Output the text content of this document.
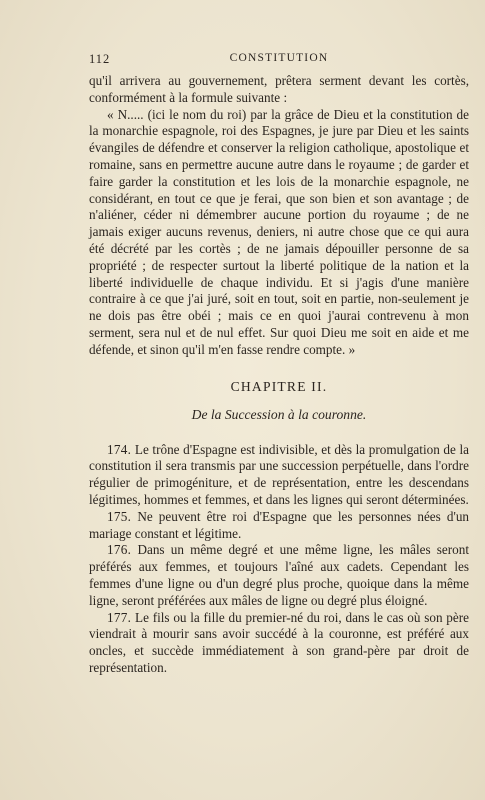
112	CONSTITUTION

qu'il arrivera au gouvernement, prêtera serment devant les cortès, conformément à la formule suivante :

« N..... (ici le nom du roi) par la grâce de Dieu et la constitution de la monarchie espagnole, roi des Espagnes, je jure par Dieu et les saints évangiles de défendre et conserver la religion catholique, apostolique et romaine, sans en permettre aucune autre dans le royaume ; de garder et faire garder la constitution et les lois de la monarchie espagnole, ne considérant, en tout ce que je ferai, que son bien et son avantage ; de n'aliéner, céder ni démembrer aucune portion du royaume ; de ne jamais exiger aucuns revenus, deniers, ni autre chose que ce qui aura été décrété par les cortès ; de ne jamais dépouiller personne de sa propriété ; de respecter surtout la liberté politique de la nation et la liberté individuelle de chaque individu. Et si j'agis d'une manière contraire à ce que j'ai juré, soit en tout, soit en partie, non-seulement je ne dois pas être obéi ; mais ce en quoi j'aurai contrevenu à mon serment, sera nul et de nul effet. Sur quoi Dieu me soit en aide et me défende, et sinon qu'il m'en fasse rendre compte. »

CHAPITRE II.
De la Succession à la couronne.

174. Le trône d'Espagne est indivisible, et dès la promulgation de la constitution il sera transmis par une succession perpétuelle, dans l'ordre régulier de primogéniture, et de représentation, entre les descendans légitimes, hommes et femmes, et dans les lignes qui seront déterminées.

175. Ne peuvent être roi d'Espagne que les personnes nées d'un mariage constant et légitime.

176. Dans un même degré et une même ligne, les mâles seront préférés aux femmes, et toujours l'aîné aux cadets. Cependant les femmes d'une ligne ou d'un degré plus proche, quoique dans la même ligne, seront préférées aux mâles de ligne ou degré plus éloigné.

177. Le fils ou la fille du premier-né du roi, dans le cas où son père viendrait à mourir sans avoir succédé à la couronne, est préféré aux oncles, et succède immédiatement à son grand-père par droit de représentation.
